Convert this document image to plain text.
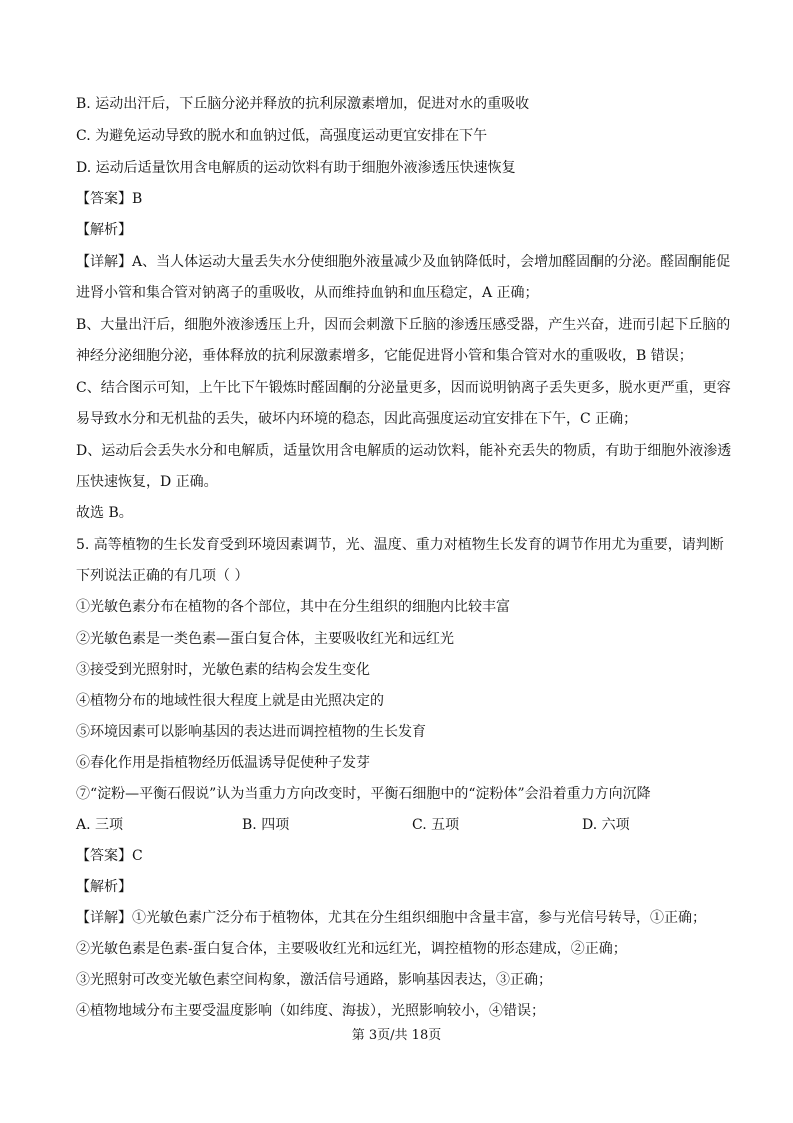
B. 运动出汗后，下丘脑分泌并释放的抗利尿激素增加，促进对水的重吸收
C. 为避免运动导致的脱水和血钠过低，高强度运动更宜安排在下午
D. 运动后适量饮用含电解质的运动饮料有助于细胞外液渗透压快速恢复
【答案】B
【解析】
【详解】A、当人体运动大量丢失水分使细胞外液量减少及血钠降低时，会增加醛固酮的分泌。醛固酮能促
进肾小管和集合管对钠离子的重吸收，从而维持血钠和血压稳定，A 正确；
B、大量出汗后，细胞外液渗透压上升，因而会刺激下丘脑的渗透压感受器，产生兴奋，进而引起下丘脑的
神经分泌细胞分泌，垂体释放的抗利尿激素增多，它能促进肾小管和集合管对水的重吸收，B 错误；
C、结合图示可知，上午比下午锻炼时醛固酮的分泌量更多，因而说明钠离子丢失更多，脱水更严重，更容
易导致水分和无机盐的丢失，破坏内环境的稳态，因此高强度运动宜安排在下午，C 正确；
D、运动后会丢失水分和电解质，适量饮用含电解质的运动饮料，能补充丢失的物质，有助于细胞外液渗透
压快速恢复，D 正确。
故选 B。
5. 高等植物的生长发育受到环境因素调节，光、温度、重力对植物生长发育的调节作用尤为重要，请判断
下列说法正确的有几项（ ）
①光敏色素分布在植物的各个部位，其中在分生组织的细胞内比较丰富
②光敏色素是一类色素—蛋白复合体，主要吸收红光和远红光
③接受到光照射时，光敏色素的结构会发生变化
④植物分布的地域性很大程度上就是由光照决定的
⑤环境因素可以影响基因的表达进而调控植物的生长发育
⑥春化作用是指植物经历低温诱导促使种子发芽
⑦“淀粉—平衡石假说”认为当重力方向改变时，平衡石细胞中的“淀粉体”会沿着重力方向沉降
A. 三项	B. 四项	C. 五项	D. 六项
【答案】C
【解析】
【详解】①光敏色素广泛分布于植物体，尤其在分生组织细胞中含量丰富，参与光信号转导，①正确；
②光敏色素是色素-蛋白复合体，主要吸收红光和远红光，调控植物的形态建成，②正确；
③光照射可改变光敏色素空间构象，激活信号通路，影响基因表达，③正确；
④植物地域分布主要受温度影响（如纬度、海拔），光照影响较小，④错误；
第 3页/共 18页
